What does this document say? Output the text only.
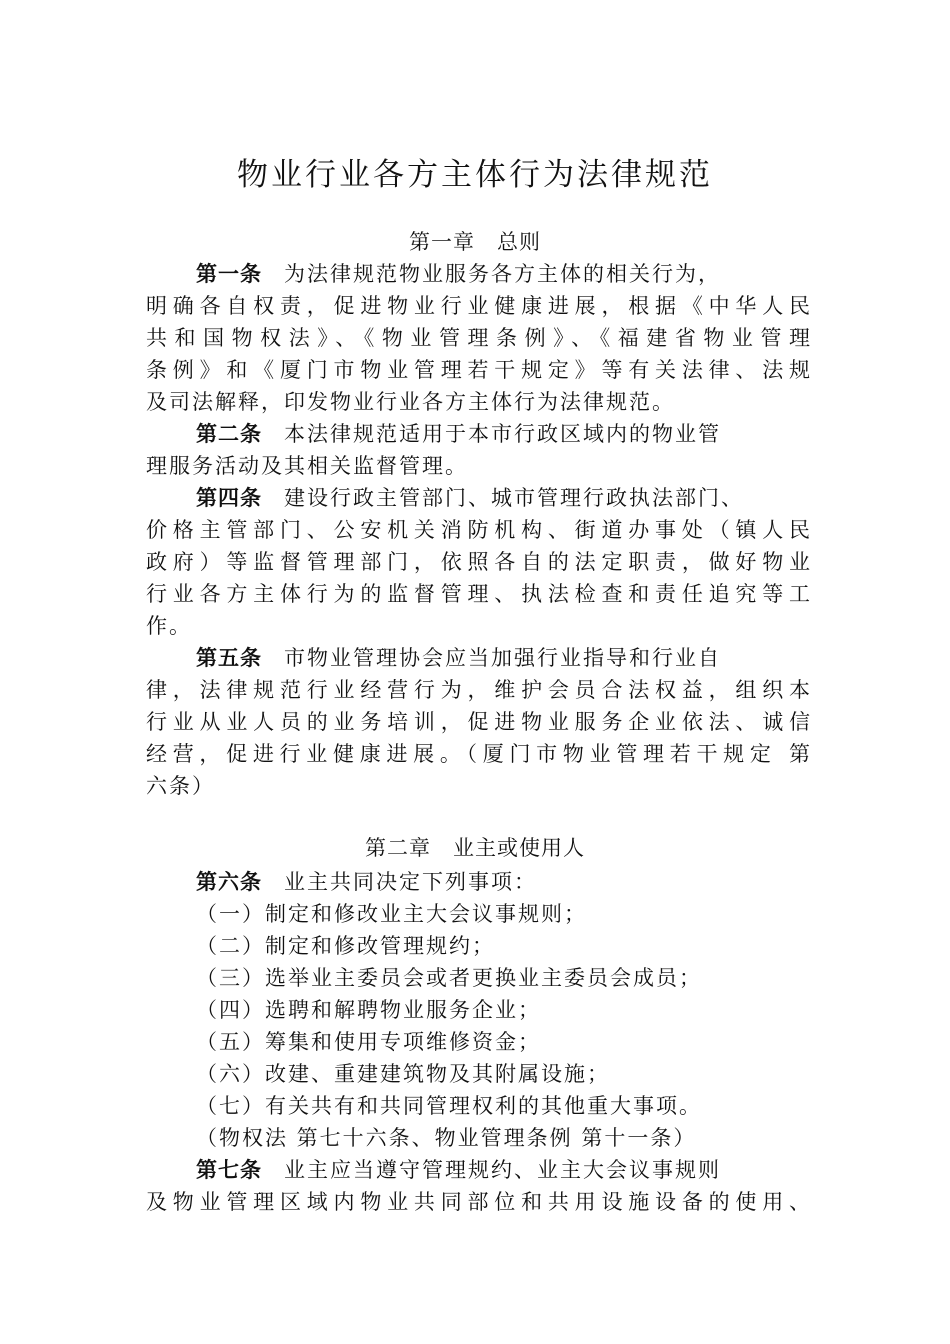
物业行业各方主体行为法律规范
第一章　总则
第一条 为法律规范物业服务各方主体的相关行为，
明确各自权责，促进物业行业健康进展，根据《中华人民
共和国物权法》、《物业管理条例》、《福建省物业管理
条例》和《厦门市物业管理若干规定》等有关法律、法规
及司法解释，印发物业行业各方主体行为法律规范。
第二条 本法律规范适用于本市行政区域内的物业管
理服务活动及其相关监督管理。
第四条 建设行政主管部门、城市管理行政执法部门、
价格主管部门、公安机关消防机构、街道办事处（镇人民
政府）等监督管理部门，依照各自的法定职责，做好物业
行业各方主体行为的监督管理、执法检查和责任追究等工
作。
第五条 市物业管理协会应当加强行业指导和行业自
律，法律规范行业经营行为，维护会员合法权益，组织本
行业从业人员的业务培训，促进物业服务企业依法、诚信
经营，促进行业健康进展。（厦门市物业管理若干规定 第
六条）
第二章　业主或使用人
第六条 业主共同决定下列事项：
（一）制定和修改业主大会议事规则；
（二）制定和修改管理规约；
（三）选举业主委员会或者更换业主委员会成员；
（四）选聘和解聘物业服务企业；
（五）筹集和使用专项维修资金；
（六）改建、重建建筑物及其附属设施；
（七）有关共有和共同管理权利的其他重大事项。
（物权法 第七十六条、物业管理条例 第十一条）
第七条 业主应当遵守管理规约、业主大会议事规则
及物业管理区域内物业共同部位和共用设施设备的使用、
